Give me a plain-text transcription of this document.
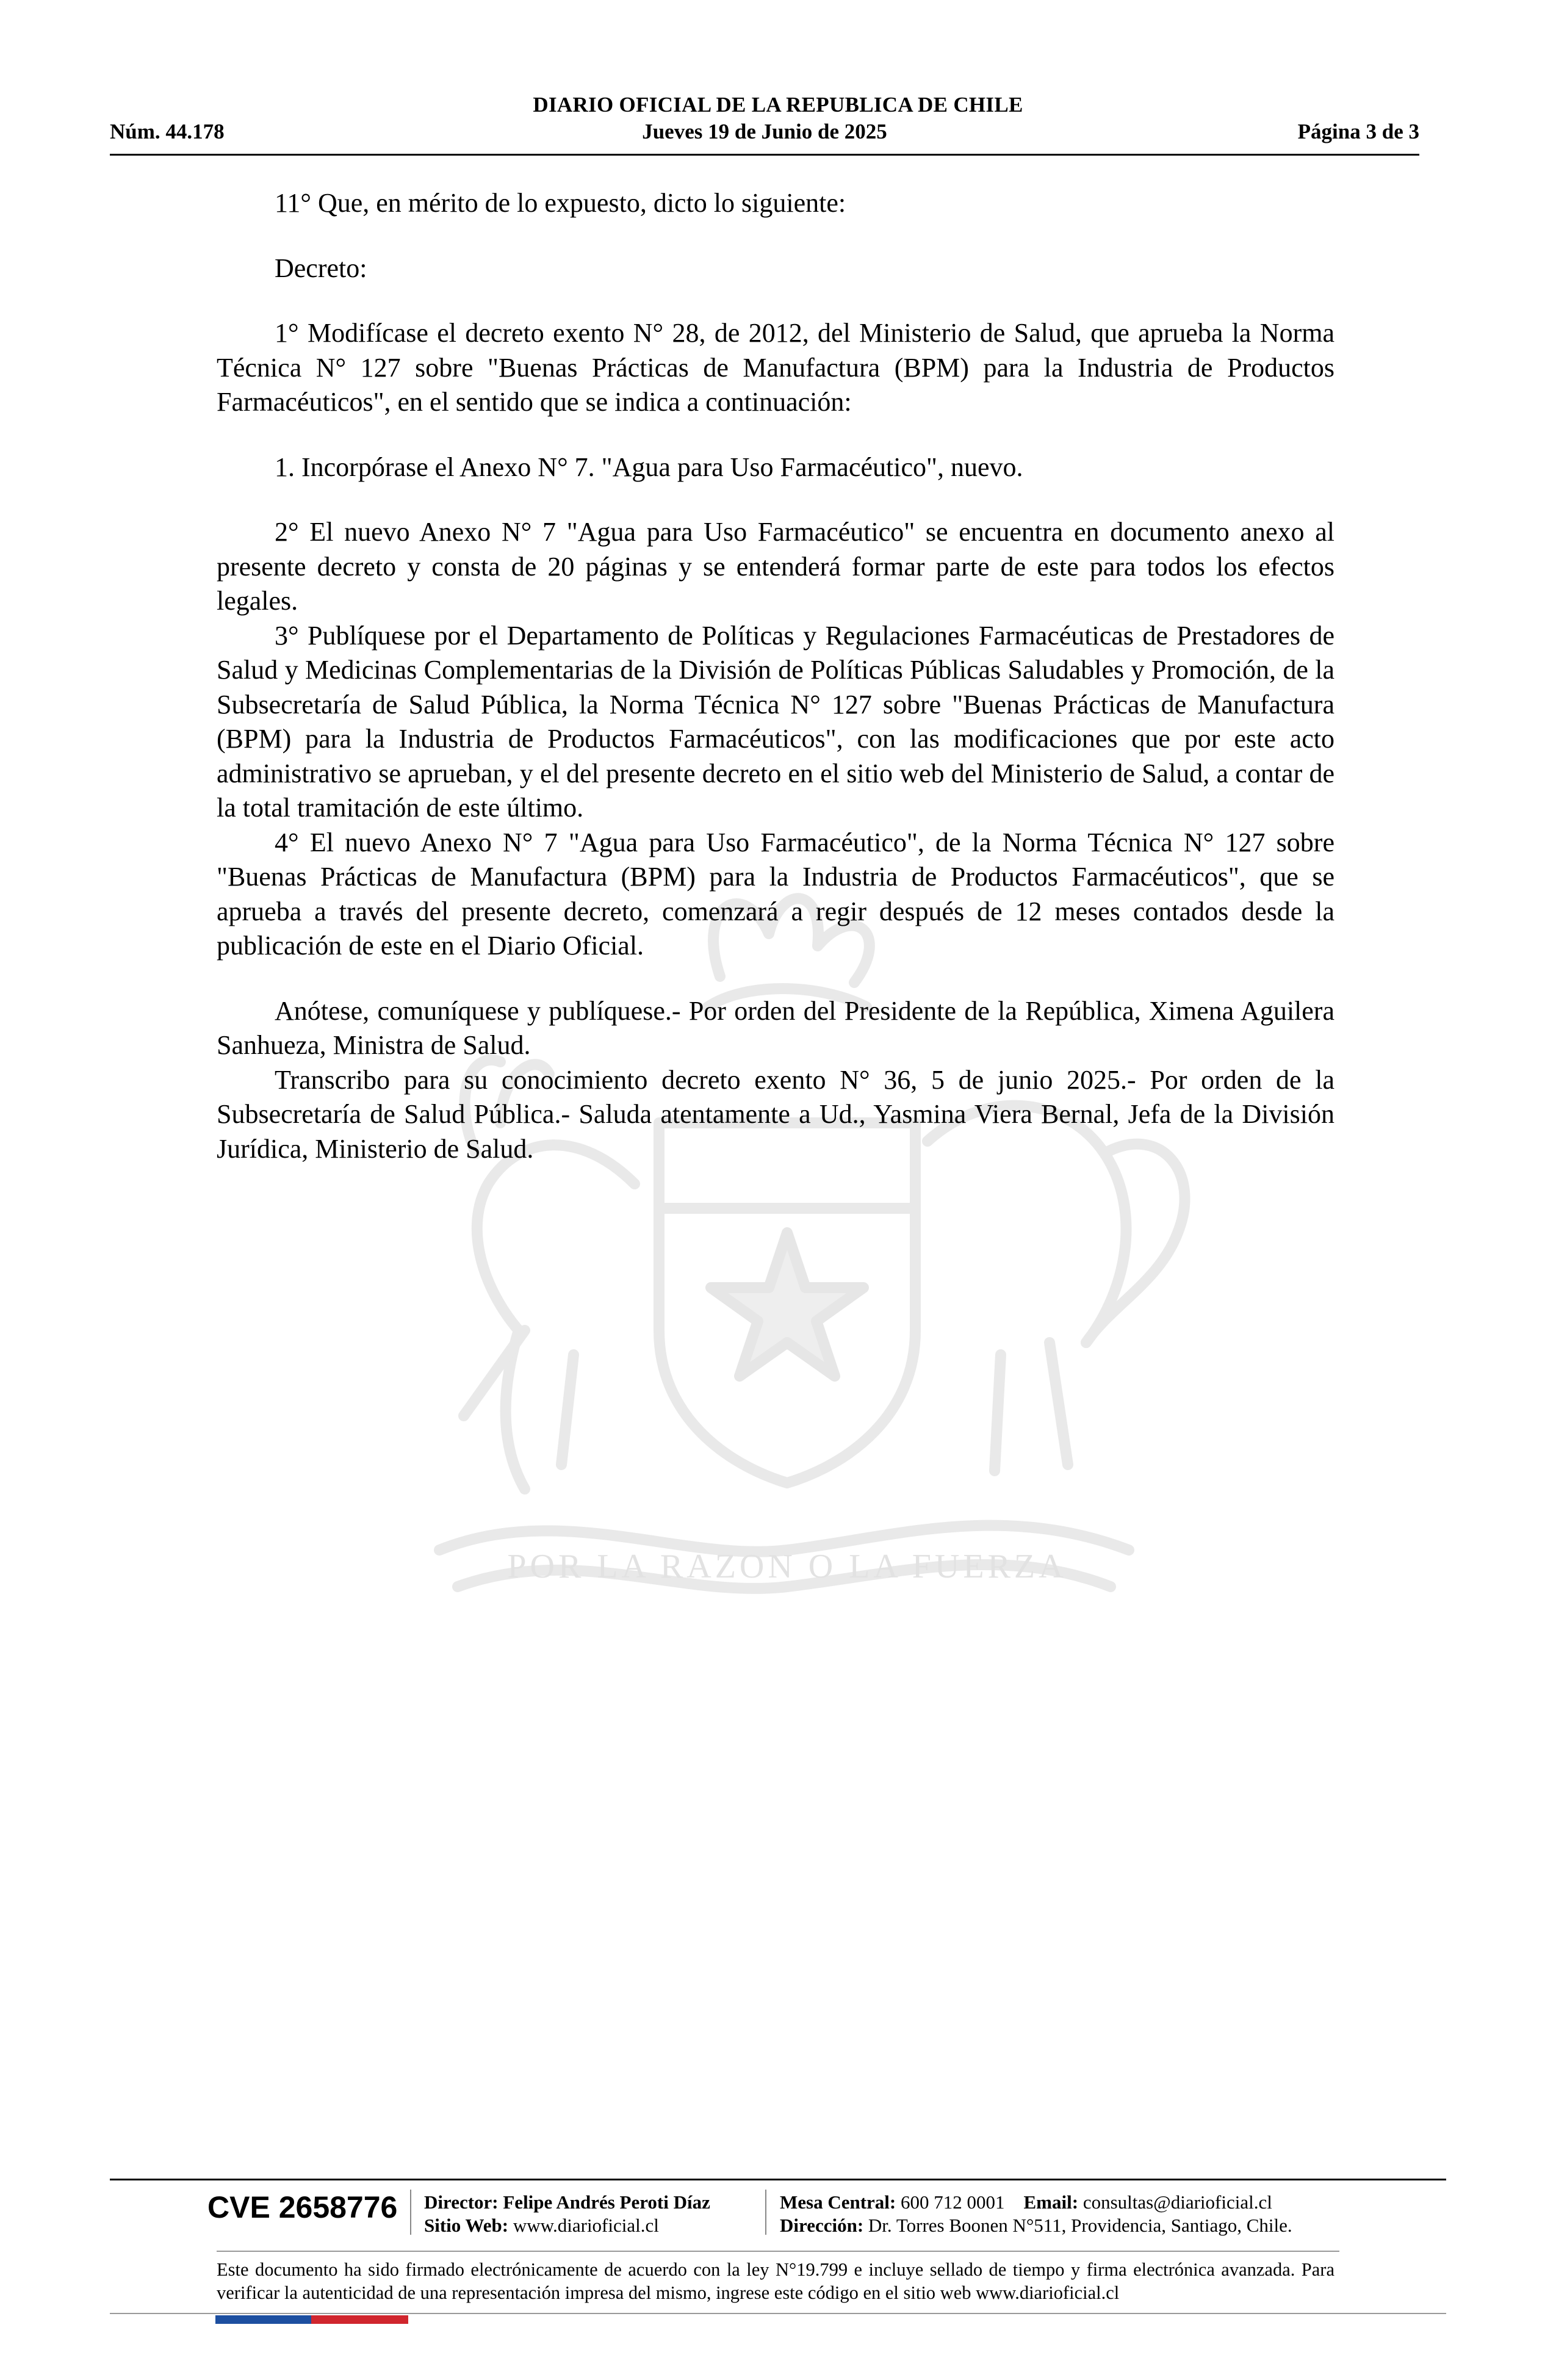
DIARIO OFICIAL DE LA REPUBLICA DE CHILE
Núm. 44.178	Jueves 19 de Junio de 2025	Página 3 de 3
POR LA RAZON O LA FUERZA

11° Que, en mérito de lo expuesto, dicto lo siguiente:

Decreto:

1° Modifícase el decreto exento N° 28, de 2012, del Ministerio de Salud, que aprueba la Norma Técnica N° 127 sobre "Buenas Prácticas de Manufactura (BPM) para la Industria de Productos Farmacéuticos", en el sentido que se indica a continuación:

1. Incorpórase el Anexo N° 7. "Agua para Uso Farmacéutico", nuevo.

2° El nuevo Anexo N° 7 "Agua para Uso Farmacéutico" se encuentra en documento anexo al presente decreto y consta de 20 páginas y se entenderá formar parte de este para todos los efectos legales.

3° Publíquese por el Departamento de Políticas y Regulaciones Farmacéuticas de Prestadores de Salud y Medicinas Complementarias de la División de Políticas Públicas Saludables y Promoción, de la Subsecretaría de Salud Pública, la Norma Técnica N° 127 sobre "Buenas Prácticas de Manufactura (BPM) para la Industria de Productos Farmacéuticos", con las modificaciones que por este acto administrativo se aprueban, y el del presente decreto en el sitio web del Ministerio de Salud, a contar de la total tramitación de este último.

4° El nuevo Anexo N° 7 "Agua para Uso Farmacéutico", de la Norma Técnica N° 127 sobre "Buenas Prácticas de Manufactura (BPM) para la Industria de Productos Farmacéuticos", que se aprueba a través del presente decreto, comenzará a regir después de 12 meses contados desde la publicación de este en el Diario Oficial.

Anótese, comuníquese y publíquese.- Por orden del Presidente de la República, Ximena Aguilera Sanhueza, Ministra de Salud.

Transcribo para su conocimiento decreto exento N° 36, 5 de junio 2025.- Por orden de la Subsecretaría de Salud Pública.- Saluda atentamente a Ud., Yasmina Viera Bernal, Jefa de la División Jurídica, Ministerio de Salud.

CVE 2658776 Director: Felipe Andrés Peroti Díaz
Sitio Web: www.diarioficial.cl
Mesa Central: 600 712 0001 Email: consultas@diarioficial.cl
Dirección: Dr. Torres Boonen N°511, Providencia, Santiago, Chile.
Este documento ha sido firmado electrónicamente de acuerdo con la ley N°19.799 e incluye sellado de tiempo y firma electrónica avanzada. Para verificar la autenticidad de una representación impresa del mismo, ingrese este código en el sitio web www.diarioficial.cl
